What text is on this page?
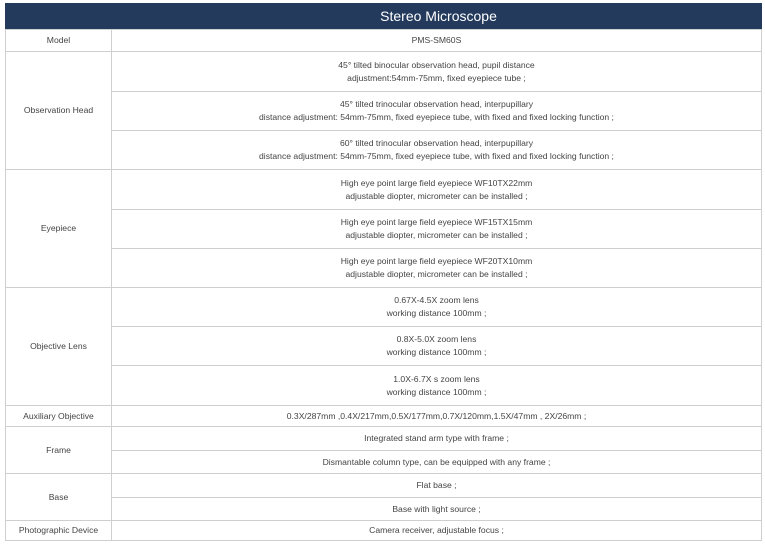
Stereo Microscope
Model	PMS-SM60S

Observation Head	45° tilted binocular observation head, pupil distance
adjustment:54mm-75mm, fixed eyepiece tube ;

	45° tilted trinocular observation head, interpupillary
distance adjustment: 54mm-75mm, fixed eyepiece tube, with fixed and fixed locking function ;

	60° tilted trinocular observation head, interpupillary
distance adjustment: 54mm-75mm, fixed eyepiece tube, with fixed and fixed locking function ;

Eyepiece	High eye point large field eyepiece WF10TX22mm
adjustable diopter, micrometer can be installed ;

	High eye point large field eyepiece WF15TX15mm
adjustable diopter, micrometer can be installed ;

	High eye point large field eyepiece WF20TX10mm
adjustable diopter, micrometer can be installed ;

Objective Lens	0.67X-4.5X zoom lens
working distance 100mm ;

	0.8X-5.0X zoom lens
working distance 100mm ;

	1.0X-6.7X s zoom lens
working distance 100mm ;

Auxiliary Objective	0.3X/287mm ,0.4X/217mm,0.5X/177mm,0.7X/120mm,1.5X/47mm , 2X/26mm ;

Frame	Integrated stand arm type with frame ;

	Dismantable column type, can be equipped with any frame ;

Base	Flat base ;

	Base with light source ;

Photographic Device	Camera receiver, adjustable focus ;
